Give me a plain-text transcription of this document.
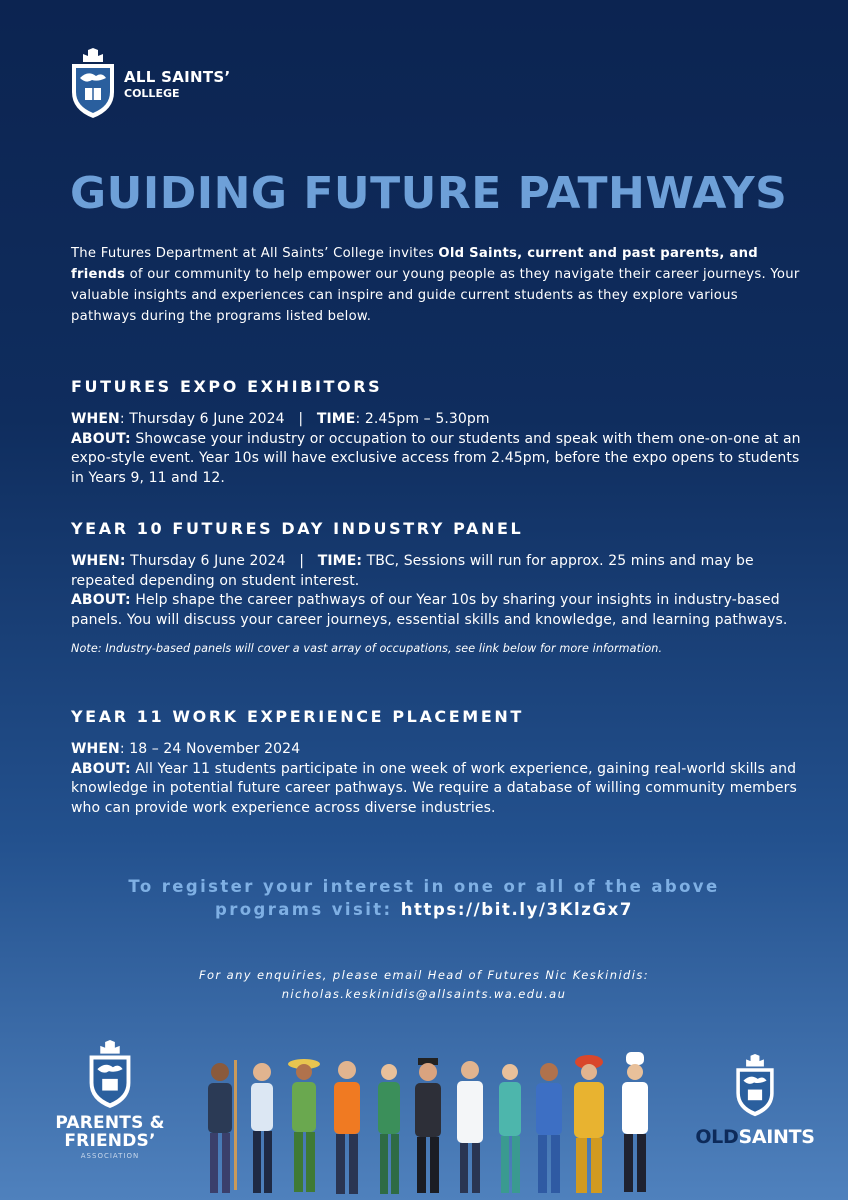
ALL SAINTS’
COLLEGE
GUIDING FUTURE PATHWAYS

The Futures Department at All Saints’ College invites Old Saints, current and past parents, and friends of our community to help empower our young people as they navigate their career journeys. Your valuable insights and experiences can inspire and guide current students as they explore various pathways during the programs listed below.

FUTURES EXPO EXHIBITORS

WHEN: Thursday 6 June 2024   |   TIME: 2.45pm – 5.30pm

ABOUT: Showcase your industry or occupation to our students and speak with them one-on-one at an expo-style event. Year 10s will have exclusive access from 2.45pm, before the expo opens to students in Years 9, 11 and 12.

YEAR 10 FUTURES DAY INDUSTRY PANEL

WHEN: Thursday 6 June 2024   |   TIME: TBC, Sessions will run for approx. 25 mins and may be repeated depending on student interest.

ABOUT: Help shape the career pathways of our Year 10s by sharing your insights in industry-based panels. You will discuss your career journeys, essential skills and knowledge, and learning pathways.

Note: Industry-based panels will cover a vast array of occupations, see link below for more information.

YEAR 11 WORK EXPERIENCE PLACEMENT

WHEN: 18 – 24 November 2024

ABOUT: All Year 11 students participate in one week of work experience, gaining real-world skills and knowledge in potential future career pathways. We require a database of willing community members who can provide work experience across diverse industries.

To register your interest in one or all of the above
programs visit: https://bit.ly/3KlzGx7
For any enquiries, please email Head of Futures Nic Keskinidis:
nicholas.keskinidis@allsaints.wa.edu.au
PARENTS &
FRIENDS’
ASSOCIATION
OLDSAINTS
